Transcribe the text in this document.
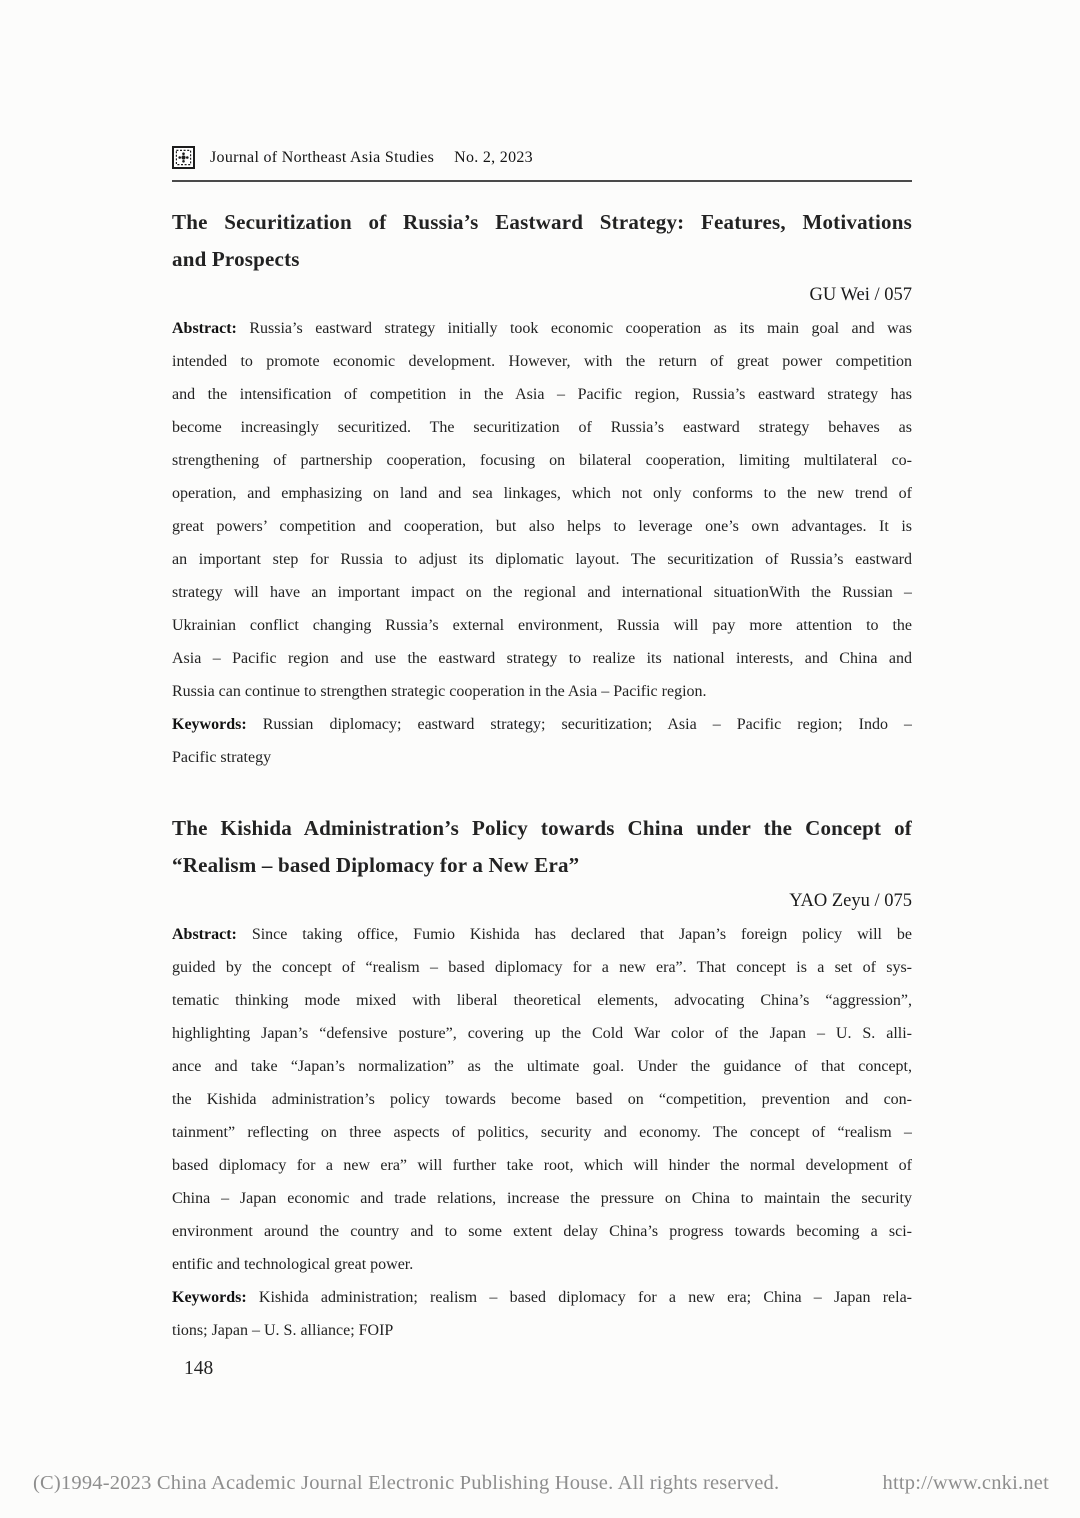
Journal of Northeast Asia Studies No. 2, 2023
The Securitization of Russia’s Eastward Strategy: Features, Motivations
and Prospects
GU Wei / 057
Abstract: Russia’s eastward strategy initially took economic cooperation as its main goal and was
intended to promote economic development. However, with the return of great power competition
and the intensification of competition in the Asia – Pacific region, Russia’s eastward strategy has
become increasingly securitized. The securitization of Russia’s eastward strategy behaves as
strengthening of partnership cooperation, focusing on bilateral cooperation, limiting multilateral co-
operation, and emphasizing on land and sea linkages, which not only conforms to the new trend of
great powers’ competition and cooperation, but also helps to leverage one’s own advantages. It is
an important step for Russia to adjust its diplomatic layout. The securitization of Russia’s eastward
strategy will have an important impact on the regional and international situationWith the Russian –
Ukrainian conflict changing Russia’s external environment, Russia will pay more attention to the
Asia – Pacific region and use the eastward strategy to realize its national interests, and China and
Russia can continue to strengthen strategic cooperation in the Asia – Pacific region.
Keywords: Russian diplomacy; eastward strategy; securitization; Asia – Pacific region; Indo –
Pacific strategy
The Kishida Administration’s Policy towards China under the Concept of
“Realism – based Diplomacy for a New Era”
YAO Zeyu / 075
Abstract: Since taking office, Fumio Kishida has declared that Japan’s foreign policy will be
guided by the concept of “realism – based diplomacy for a new era”. That concept is a set of sys-
tematic thinking mode mixed with liberal theoretical elements, advocating China’s “aggression”,
highlighting Japan’s “defensive posture”, covering up the Cold War color of the Japan – U. S. alli-
ance and take “Japan’s normalization” as the ultimate goal. Under the guidance of that concept,
the Kishida administration’s policy towards become based on “competition, prevention and con-
tainment” reflecting on three aspects of politics, security and economy. The concept of “realism –
based diplomacy for a new era” will further take root, which will hinder the normal development of
China – Japan economic and trade relations, increase the pressure on China to maintain the security
environment around the country and to some extent delay China’s progress towards becoming a sci-
entific and technological great power.
Keywords: Kishida administration; realism – based diplomacy for a new era; China – Japan rela-
tions; Japan – U. S. alliance; FOIP
148
(C)1994-2023 China Academic Journal Electronic Publishing House. All rights reserved.	http://www.cnki.net
